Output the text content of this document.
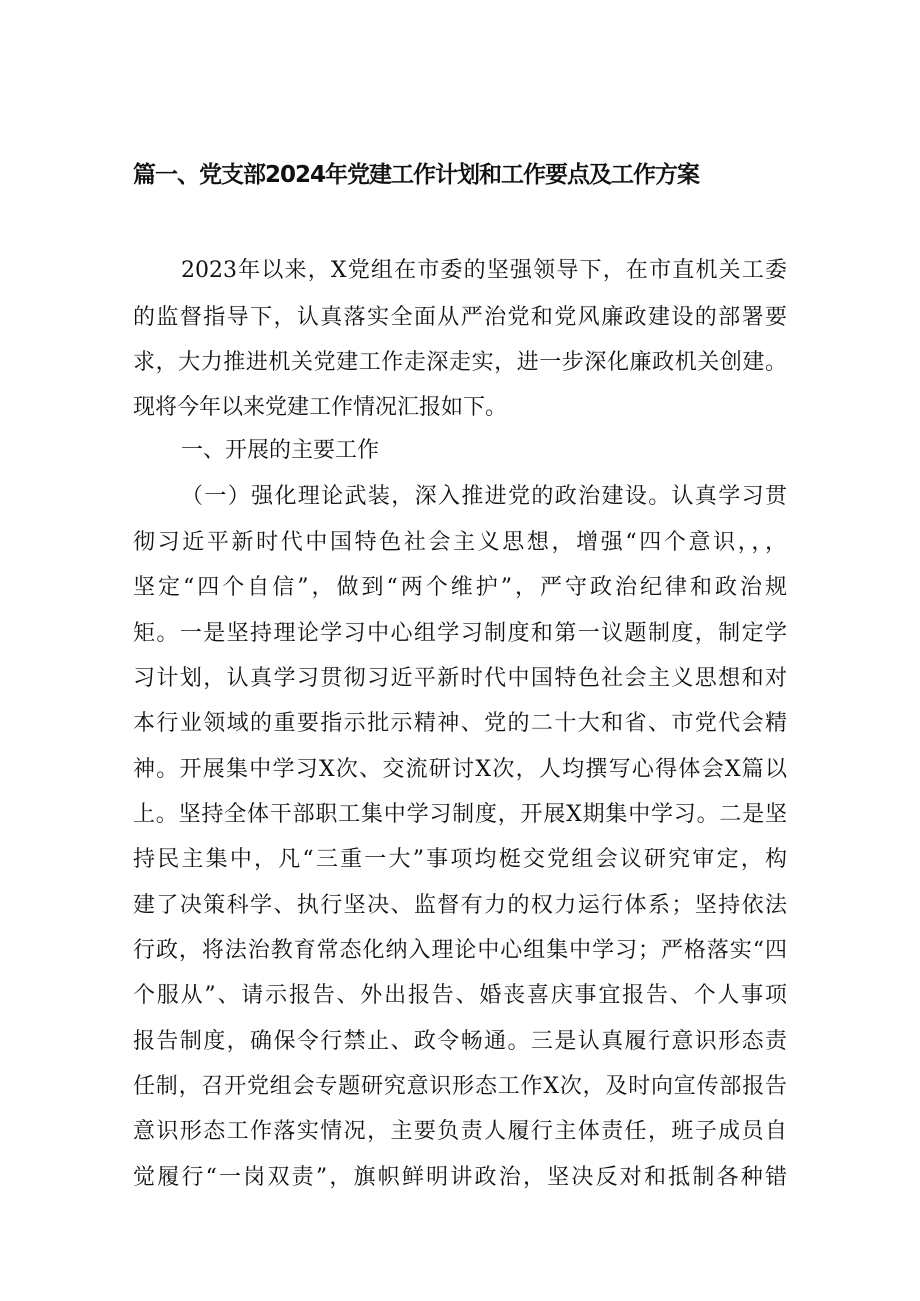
篇一、党支部2024年党建工作计划和工作要点及工作方案
2023年以来，X党组在市委的坚强领导下，在市直机关工委
的监督指导下，认真落实全面从严治党和党风廉政建设的部署要
求，大力推进机关党建工作走深走实，进一步深化廉政机关创建。
现将今年以来党建工作情况汇报如下。
一、开展的主要工作
（一）强化理论武装，深入推进党的政治建设。认真学习贯
彻习近平新时代中国特色社会主义思想，增强“四个意识，，，
坚定“四个自信”，做到“两个维护”，严守政治纪律和政治规
矩。一是坚持理论学习中心组学习制度和第一议题制度，制定学
习计划，认真学习贯彻习近平新时代中国特色社会主义思想和对
本行业领域的重要指示批示精神、党的二十大和省、市党代会精
神。开展集中学习X次、交流研讨X次，人均撰写心得体会X篇以
上。坚持全体干部职工集中学习制度，开展X期集中学习。二是坚
持民主集中，凡“三重一大”事项均梃交党组会议研究审定，构
建了决策科学、执行坚决、监督有力的权力运行体系；坚持依法
行政，将法治教育常态化纳入理论中心组集中学习；严格落实“四
个服从”、请示报告、外出报告、婚丧喜庆事宜报告、个人事项
报告制度，确保令行禁止、政令畅通。三是认真履行意识形态责
任制，召开党组会专题研究意识形态工作X次，及时向宣传部报告
意识形态工作落实情况，主要负责人履行主体责任，班子成员自
觉履行“一岗双责”，旗帜鲜明讲政治，坚决反对和抵制各种错
